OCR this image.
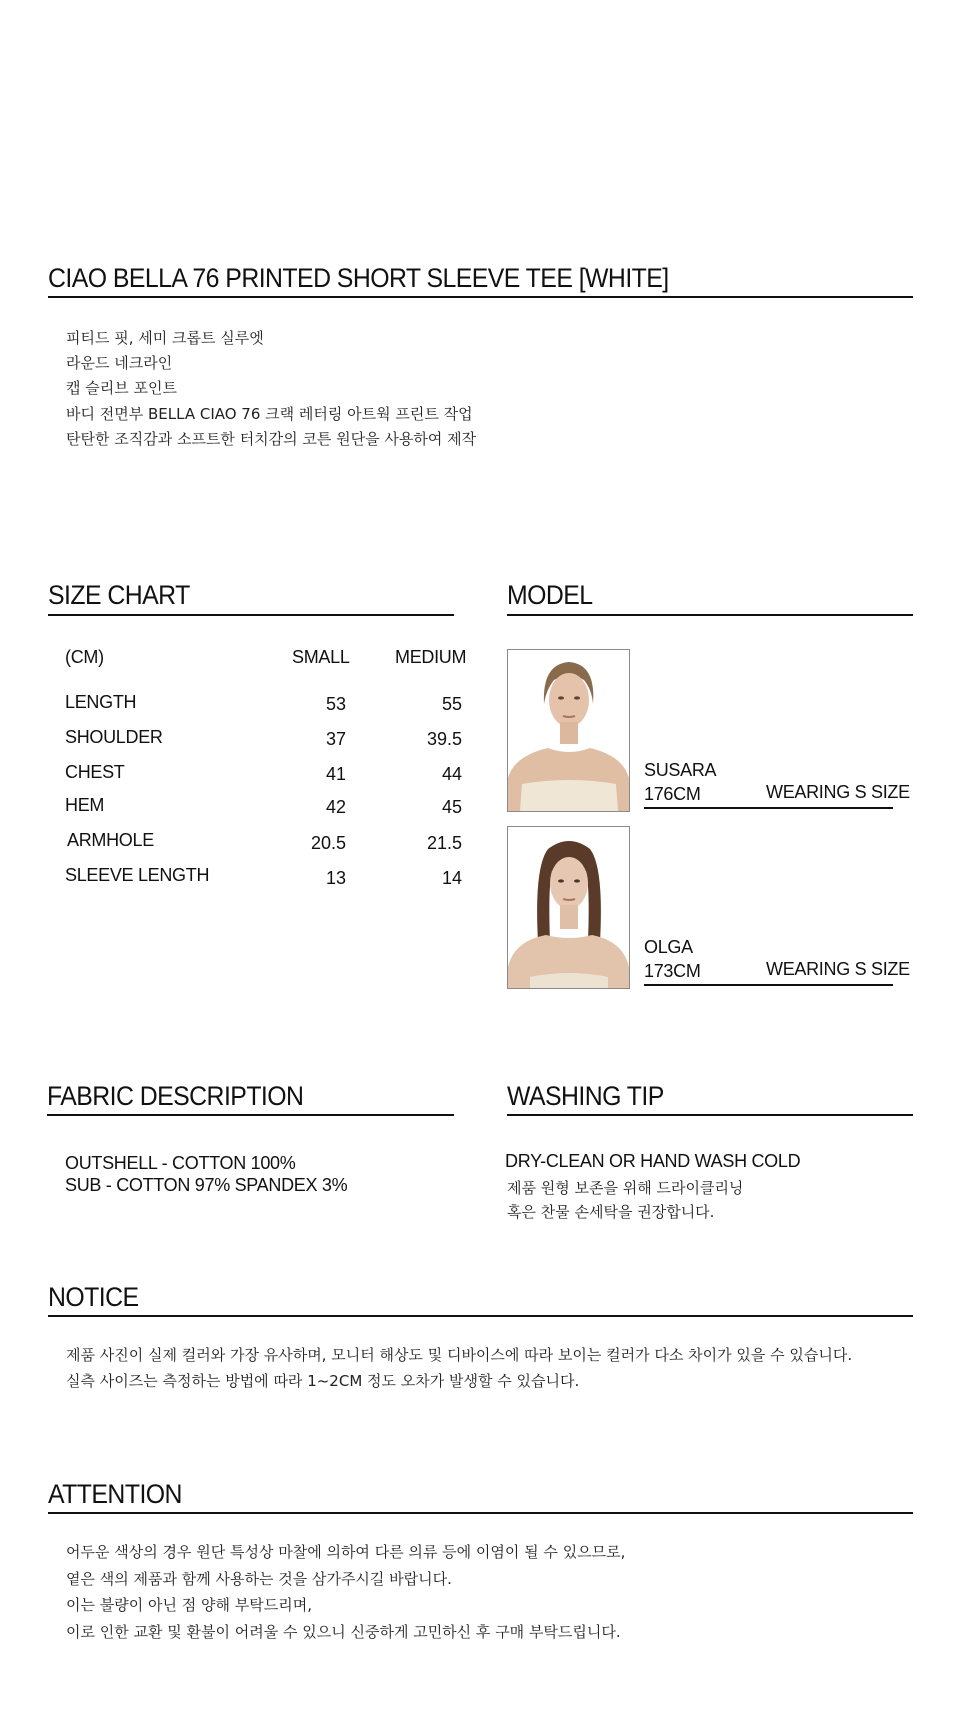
CIAO BELLA 76 PRINTED SHORT SLEEVE TEE [WHITE]
피티드 핏, 세미 크롭트 실루엣
라운드 네크라인
캡 슬리브 포인트
바디 전면부 BELLA CIAO 76 크랙 레터링 아트웍 프린트 작업
탄탄한 조직감과 소프트한 터치감의 코튼 원단을 사용하여 제작
SIZE CHART
(CM)	SMALL	MEDIUM
LENGTH	53	55
SHOULDER	37	39.5
CHEST	41	44
HEM	42	45
ARMHOLE	20.5	21.5
SLEEVE LENGTH	13	14
MODEL
SUSARA
176CM	WEARING S SIZE
OLGA
173CM	WEARING S SIZE
FABRIC DESCRIPTION
OUTSHELL - COTTON 100%
SUB - COTTON 97% SPANDEX 3%
WASHING TIP
DRY-CLEAN OR HAND WASH COLD
제품 원형 보존을 위해 드라이클리닝
혹은 찬물 손세탁을 권장합니다.
NOTICE
제품 사진이 실제 컬러와 가장 유사하며, 모니터 해상도 및 디바이스에 따라 보이는 컬러가 다소 차이가 있을 수 있습니다.
실측 사이즈는 측정하는 방법에 따라 1~2CM 정도 오차가 발생할 수 있습니다.
ATTENTION
어두운 색상의 경우 원단 특성상 마찰에 의하여 다른 의류 등에 이염이 될 수 있으므로,
옅은 색의 제품과 함께 사용하는 것을 삼가주시길 바랍니다.
이는 불량이 아닌 점 양해 부탁드리며,
이로 인한 교환 및 환불이 어려울 수 있으니 신중하게 고민하신 후 구매 부탁드립니다.
